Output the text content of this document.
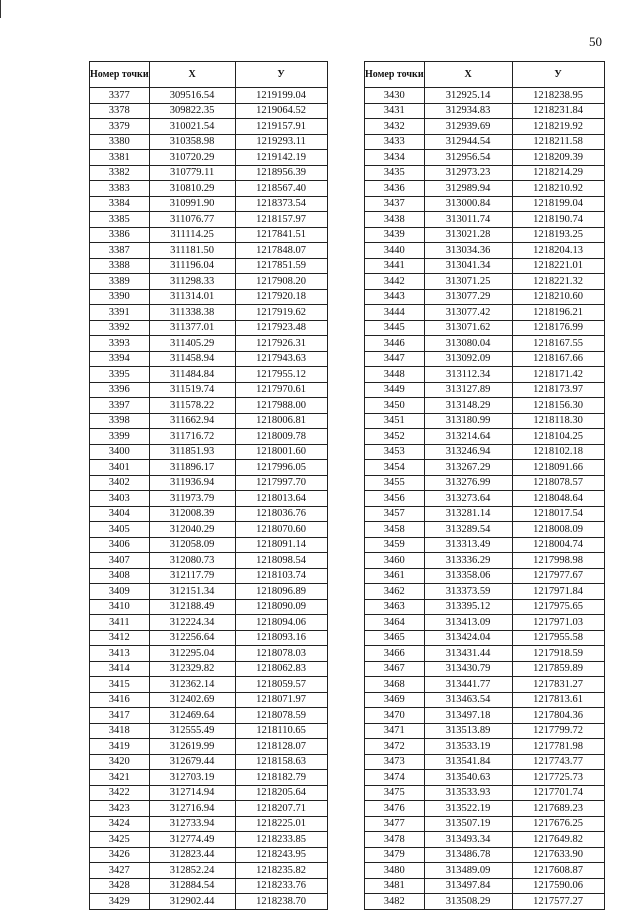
50
Номер точки	Х	У
3377	309516.54	1219199.04
3378	309822.35	1219064.52
3379	310021.54	1219157.91
3380	310358.98	1219293.11
3381	310720.29	1219142.19
3382	310779.11	1218956.39
3383	310810.29	1218567.40
3384	310991.90	1218373.54
3385	311076.77	1218157.97
3386	311114.25	1217841.51
3387	311181.50	1217848.07
3388	311196.04	1217851.59
3389	311298.33	1217908.20
3390	311314.01	1217920.18
3391	311338.38	1217919.62
3392	311377.01	1217923.48
3393	311405.29	1217926.31
3394	311458.94	1217943.63
3395	311484.84	1217955.12
3396	311519.74	1217970.61
3397	311578.22	1217988.00
3398	311662.94	1218006.81
3399	311716.72	1218009.78
3400	311851.93	1218001.60
3401	311896.17	1217996.05
3402	311936.94	1217997.70
3403	311973.79	1218013.64
3404	312008.39	1218036.76
3405	312040.29	1218070.60
3406	312058.09	1218091.14
3407	312080.73	1218098.54
3408	312117.79	1218103.74
3409	312151.34	1218096.89
3410	312188.49	1218090.09
3411	312224.34	1218094.06
3412	312256.64	1218093.16
3413	312295.04	1218078.03
3414	312329.82	1218062.83
3415	312362.14	1218059.57
3416	312402.69	1218071.97
3417	312469.64	1218078.59
3418	312555.49	1218110.65
3419	312619.99	1218128.07
3420	312679.44	1218158.63
3421	312703.19	1218182.79
3422	312714.94	1218205.64
3423	312716.94	1218207.71
3424	312733.94	1218225.01
3425	312774.49	1218233.85
3426	312823.44	1218243.95
3427	312852.24	1218235.82
3428	312884.54	1218233.76
3429	312902.44	1218238.70
Номер точки	Х	У
3430	312925.14	1218238.95
3431	312934.83	1218231.84
3432	312939.69	1218219.92
3433	312944.54	1218211.58
3434	312956.54	1218209.39
3435	312973.23	1218214.29
3436	312989.94	1218210.92
3437	313000.84	1218199.04
3438	313011.74	1218190.74
3439	313021.28	1218193.25
3440	313034.36	1218204.13
3441	313041.34	1218221.01
3442	313071.25	1218221.32
3443	313077.29	1218210.60
3444	313077.42	1218196.21
3445	313071.62	1218176.99
3446	313080.04	1218167.55
3447	313092.09	1218167.66
3448	313112.34	1218171.42
3449	313127.89	1218173.97
3450	313148.29	1218156.30
3451	313180.99	1218118.30
3452	313214.64	1218104.25
3453	313246.94	1218102.18
3454	313267.29	1218091.66
3455	313276.99	1218078.57
3456	313273.64	1218048.64
3457	313281.14	1218017.54
3458	313289.54	1218008.09
3459	313313.49	1218004.74
3460	313336.29	1217998.98
3461	313358.06	1217977.67
3462	313373.59	1217971.84
3463	313395.12	1217975.65
3464	313413.09	1217971.03
3465	313424.04	1217955.58
3466	313431.44	1217918.59
3467	313430.79	1217859.89
3468	313441.77	1217831.27
3469	313463.54	1217813.61
3470	313497.18	1217804.36
3471	313513.89	1217799.72
3472	313533.19	1217781.98
3473	313541.84	1217743.77
3474	313540.63	1217725.73
3475	313533.93	1217701.74
3476	313522.19	1217689.23
3477	313507.19	1217676.25
3478	313493.34	1217649.82
3479	313486.78	1217633.90
3480	313489.09	1217608.87
3481	313497.84	1217590.06
3482	313508.29	1217577.27
